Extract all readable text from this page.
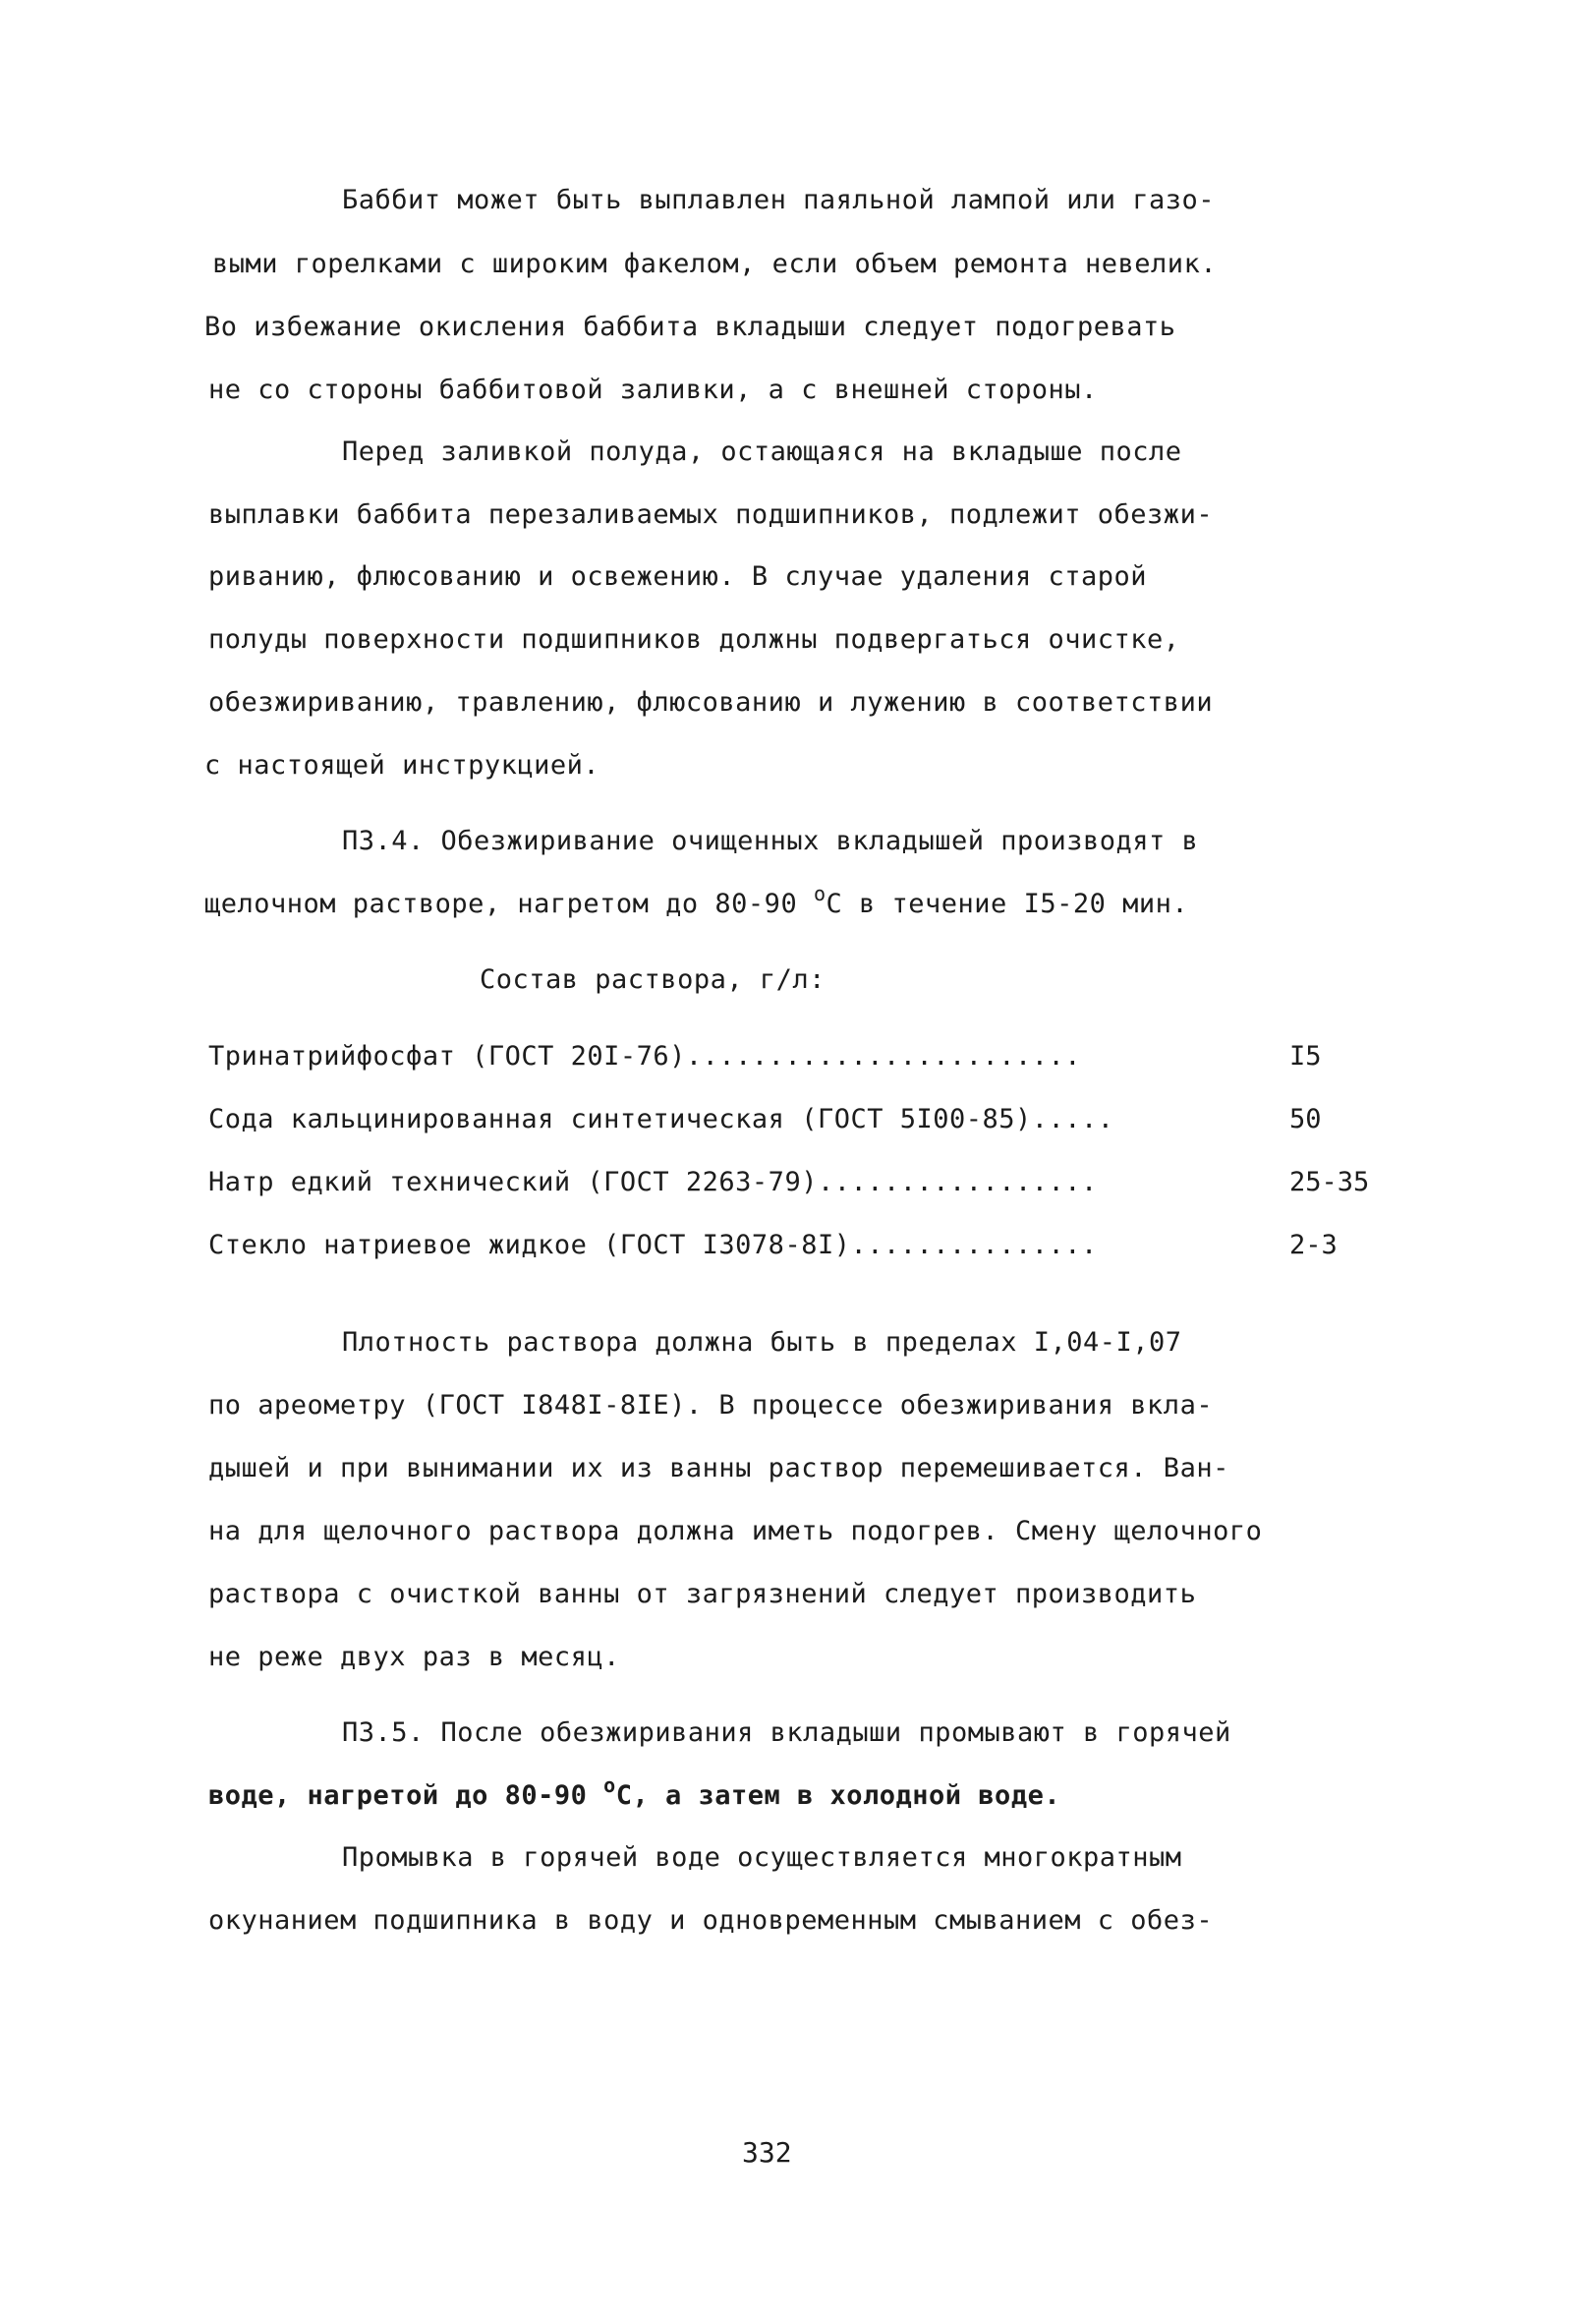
Баббит может быть выплавлен паяльной лампой или газо-
выми горелками с широким факелом, если объем ремонта невелик.
Во избежание окисления баббита вкладыши следует подогревать
не со стороны баббитовой заливки, а с внешней стороны.
Перед заливкой полуда, остающаяся на вкладыше после
выплавки баббита перезаливаемых подшипников, подлежит обезжи-
риванию, флюсованию и освежению. В случае удаления старой
полуды поверхности подшипников должны подвергаться очистке,
обезжириванию, травлению, флюсованию и лужению в соответствии
с настоящей инструкцией.
П3.4. Обезжиривание очищенных вкладышей производят в
щелочном растворе, нагретом до 80-90 $^о$С в течение I5-20 мин.
Состав раствора, г/л:
Тринатрийфосфат (ГОСТ 20I-76)........................	I5
Сода кальцинированная синтетическая (ГОСТ 5I00-85).....	50
Натр едкий технический (ГОСТ 2263-79).................	25-35
Стекло натриевое жидкое (ГОСТ I3078-8I)...............	2-3
Плотность раствора должна быть в пределах I,04-I,07
по ареометру (ГОСТ I848I-8IЕ). В процессе обезжиривания вкла-
дышей и при вынимании их из ванны раствор перемешивается. Ван-
на для щелочного раствора должна иметь подогрев. Смену щелочного
раствора с очисткой ванны от загрязнений следует производить
не реже двух раз в месяц.
П3.5. После обезжиривания вкладыши промывают в горячей
воде, нагретой до 80-90 $^о$С, а затем в холодной воде.
Промывка в горячей воде осуществляется многократным
окунанием подшипника в воду и одновременным смыванием с обез-
332
